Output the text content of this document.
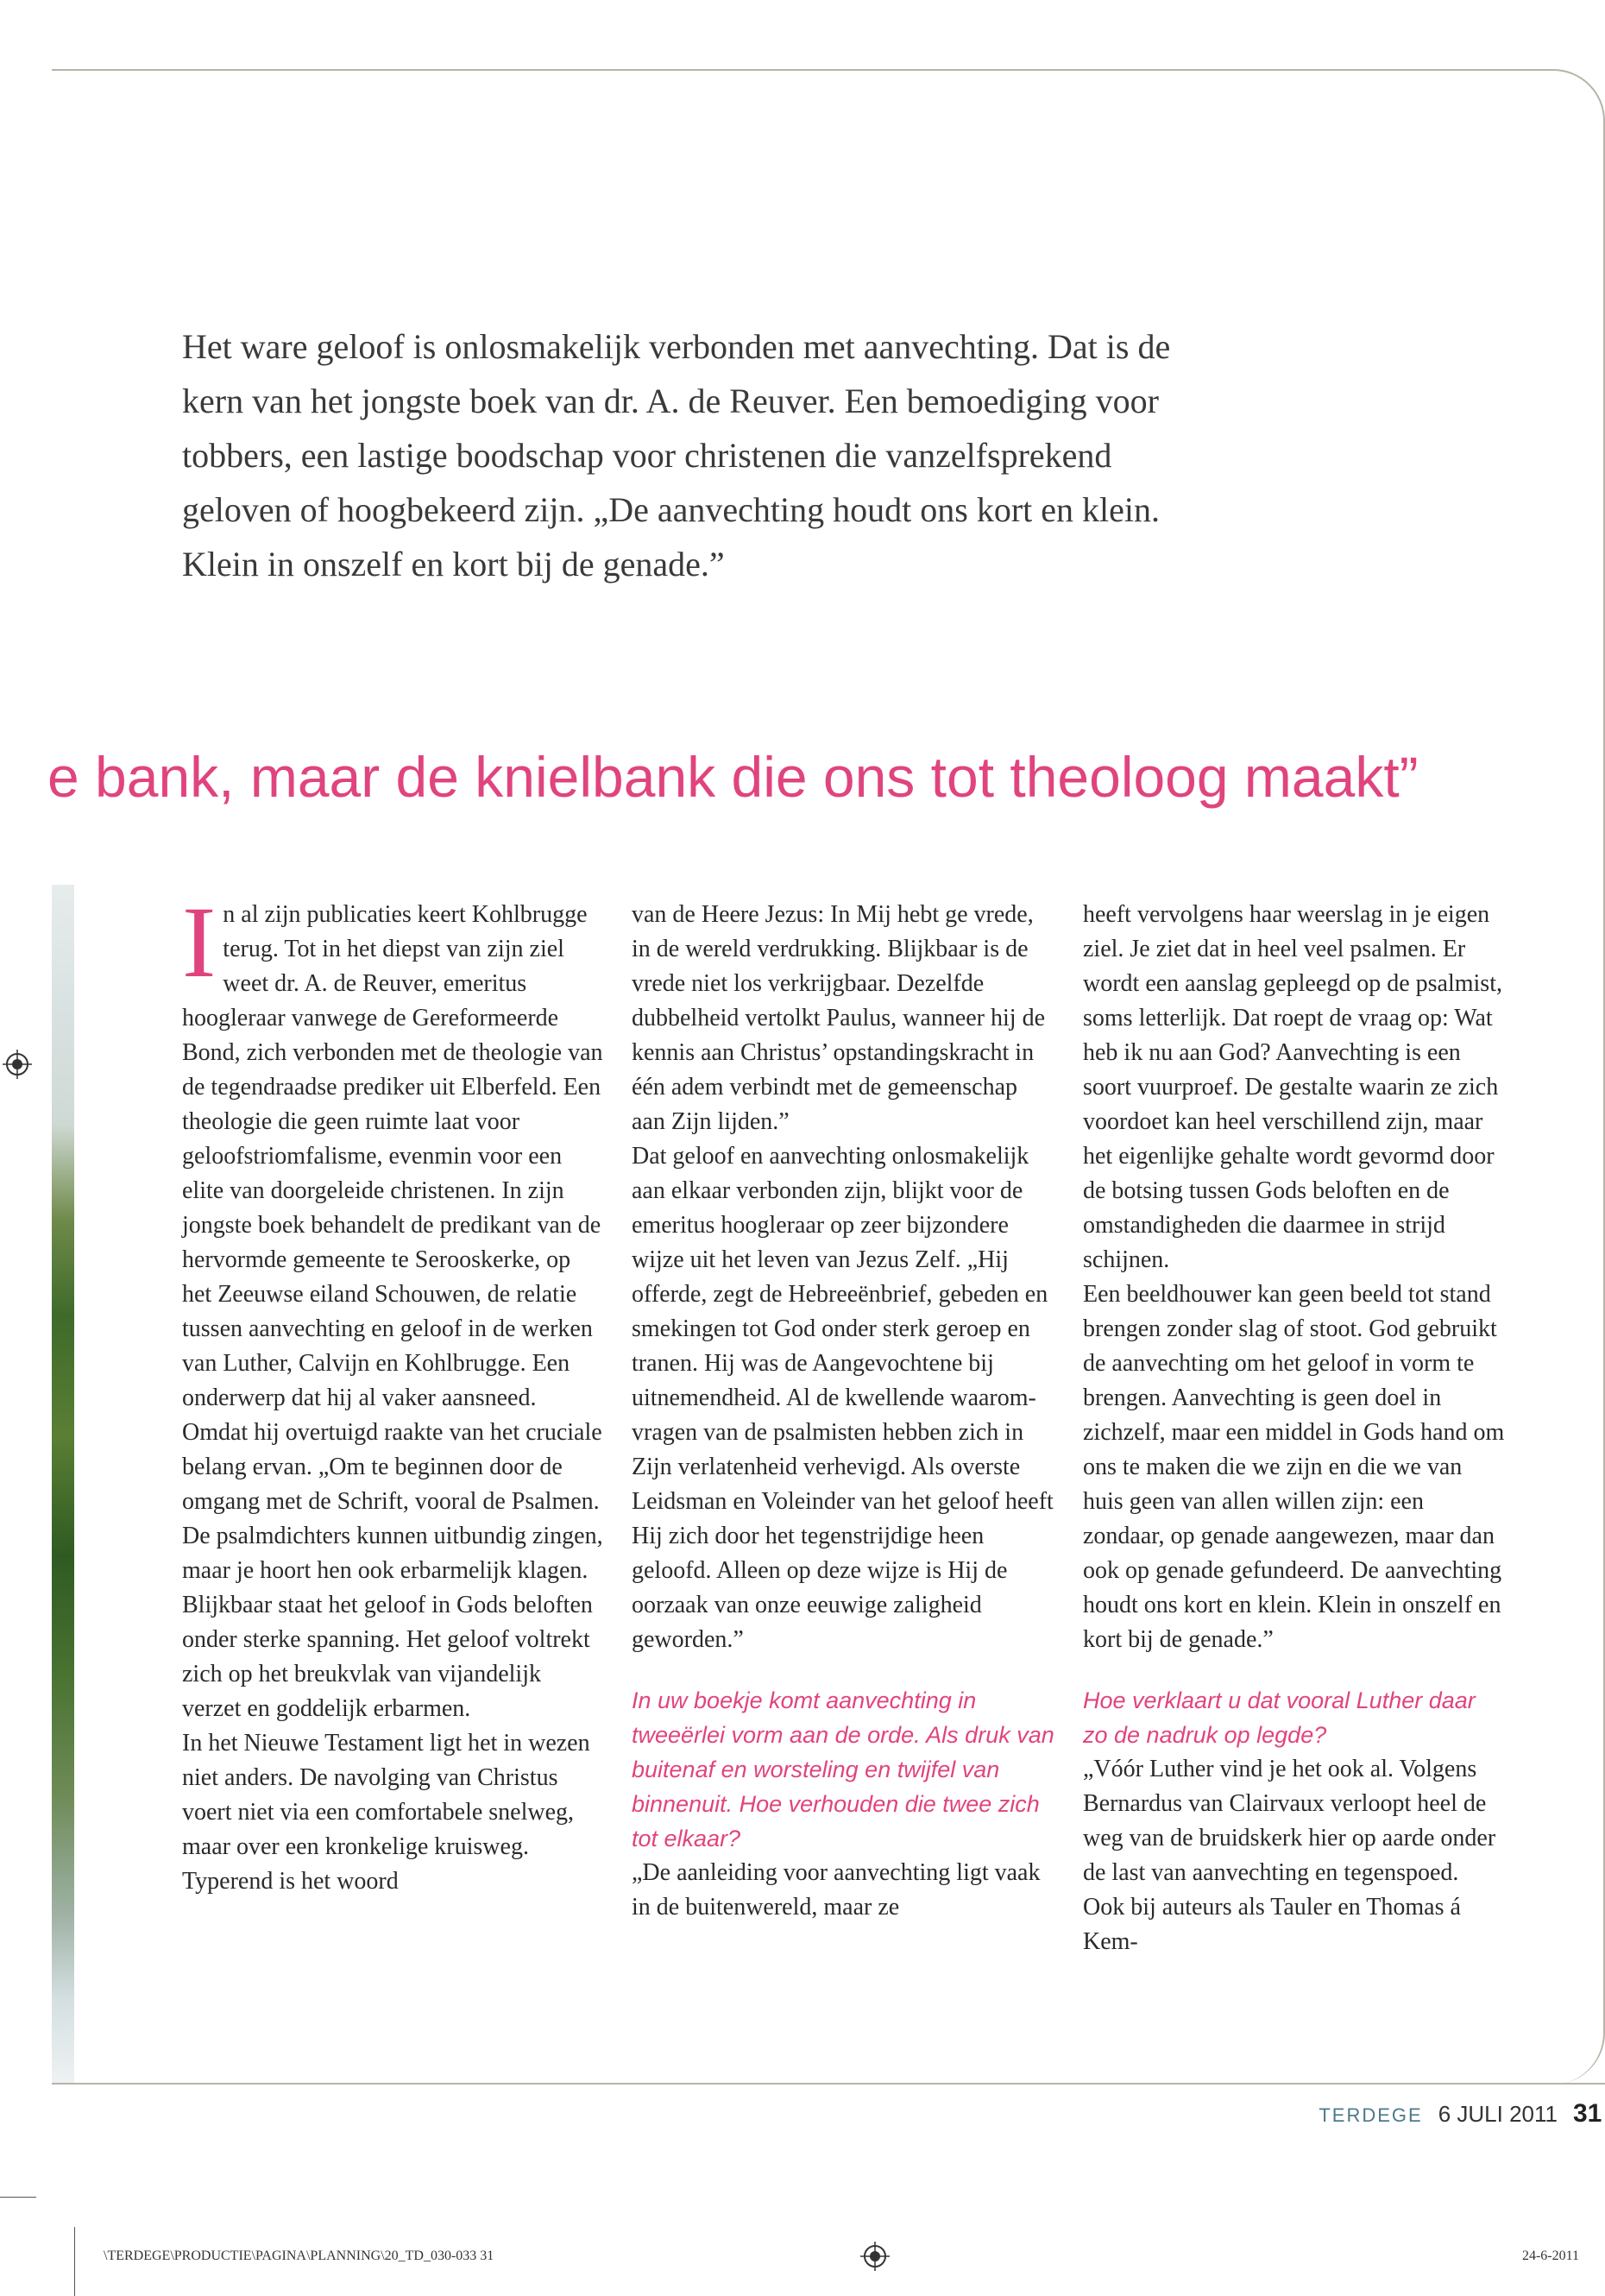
Het ware geloof is onlosmakelijk verbonden met aanvechting. Dat is de kern van het jongste boek van dr. A. de Reuver. Een bemoediging voor tobbers, een lastige boodschap voor christenen die vanzelfsprekend geloven of hoogbekeerd zijn. „De aanvechting houdt ons kort en klein. Klein in onszelf en kort bij de genade.”

e bank, maar de knielbank die ons tot theoloog maakt”

In al zijn publicaties keert Kohlbrugge terug. Tot in het diepst van zijn ziel weet dr. A. de Reuver, emeritus hoogleraar vanwege de Gereformeerde Bond, zich verbonden met de theologie van de tegendraadse prediker uit Elberfeld. Een theologie die geen ruimte laat voor geloofstriomfalisme, evenmin voor een elite van doorgeleide christenen. In zijn jongste boek behandelt de predikant van de hervormde gemeente te Serooskerke, op het Zeeuwse eiland Schouwen, de relatie tussen aanvechting en geloof in de werken van Luther, Calvijn en Kohlbrugge. Een onderwerp dat hij al vaker aansneed. Omdat hij overtuigd raakte van het cruciale belang ervan. „Om te beginnen door de omgang met de Schrift, vooral de Psalmen. De psalmdichters kunnen uitbundig zingen, maar je hoort hen ook erbarmelijk klagen. Blijkbaar staat het geloof in Gods beloften onder sterke spanning. Het geloof voltrekt zich op het breukvlak van vijandelijk verzet en goddelijk erbarmen.

In het Nieuwe Testament ligt het in wezen niet anders. De navolging van Christus voert niet via een comfortabele snelweg, maar over een kronkelige kruisweg. Typerend is het woord

van de Heere Jezus: In Mij hebt ge vrede, in de wereld verdrukking. Blijkbaar is de vrede niet los verkrijgbaar. Dezelfde dubbelheid vertolkt Paulus, wanneer hij de kennis aan Christus’ opstandingskracht in één adem verbindt met de gemeenschap aan Zijn lijden.”

Dat geloof en aanvechting onlosmakelijk aan elkaar verbonden zijn, blijkt voor de emeritus hoogleraar op zeer bijzondere wijze uit het leven van Jezus Zelf. „Hij offerde, zegt de Hebreeënbrief, gebeden en smekingen tot God onder sterk geroep en tranen. Hij was de Aangevochtene bij uitnemendheid. Al de kwellende waarom-vragen van de psalmisten hebben zich in Zijn verlatenheid verhevigd. Als overste Leidsman en Voleinder van het geloof heeft Hij zich door het tegenstrijdige heen geloofd. Alleen op deze wijze is Hij de oorzaak van onze eeuwige zaligheid geworden.”

In uw boekje komt aanvechting in tweeërlei vorm aan de orde. Als druk van buitenaf en worsteling en twijfel van binnenuit. Hoe verhouden die twee zich tot elkaar?

„De aanleiding voor aanvechting ligt vaak in de buitenwereld, maar ze

heeft vervolgens haar weerslag in je eigen ziel. Je ziet dat in heel veel psalmen. Er wordt een aanslag gepleegd op de psalmist, soms letterlijk. Dat roept de vraag op: Wat heb ik nu aan God? Aanvechting is een soort vuurproef. De gestalte waarin ze zich voordoet kan heel verschillend zijn, maar het eigenlijke gehalte wordt gevormd door de botsing tussen Gods beloften en de omstandigheden die daarmee in strijd schijnen.

Een beeldhouwer kan geen beeld tot stand brengen zonder slag of stoot. God gebruikt de aanvechting om het geloof in vorm te brengen. Aanvechting is geen doel in zichzelf, maar een middel in Gods hand om ons te maken die we zijn en die we van huis geen van allen willen zijn: een zondaar, op genade aangewezen, maar dan ook op genade gefundeerd. De aanvechting houdt ons kort en klein. Klein in onszelf en kort bij de genade.”

Hoe verklaart u dat vooral Luther daar zo de nadruk op legde?

„Vóór Luther vind je het ook al. Volgens Bernardus van Clairvaux verloopt heel de weg van de bruidskerk hier op aarde onder de last van aanvechting en tegenspoed. Ook bij auteurs als Tauler en Thomas á Kem-

TERDEGE 6 JULI 2011 31
\TERDEGE\PRODUCTIE\PAGINA\PLANNING\20_TD_030-033 31	24-6-2011
